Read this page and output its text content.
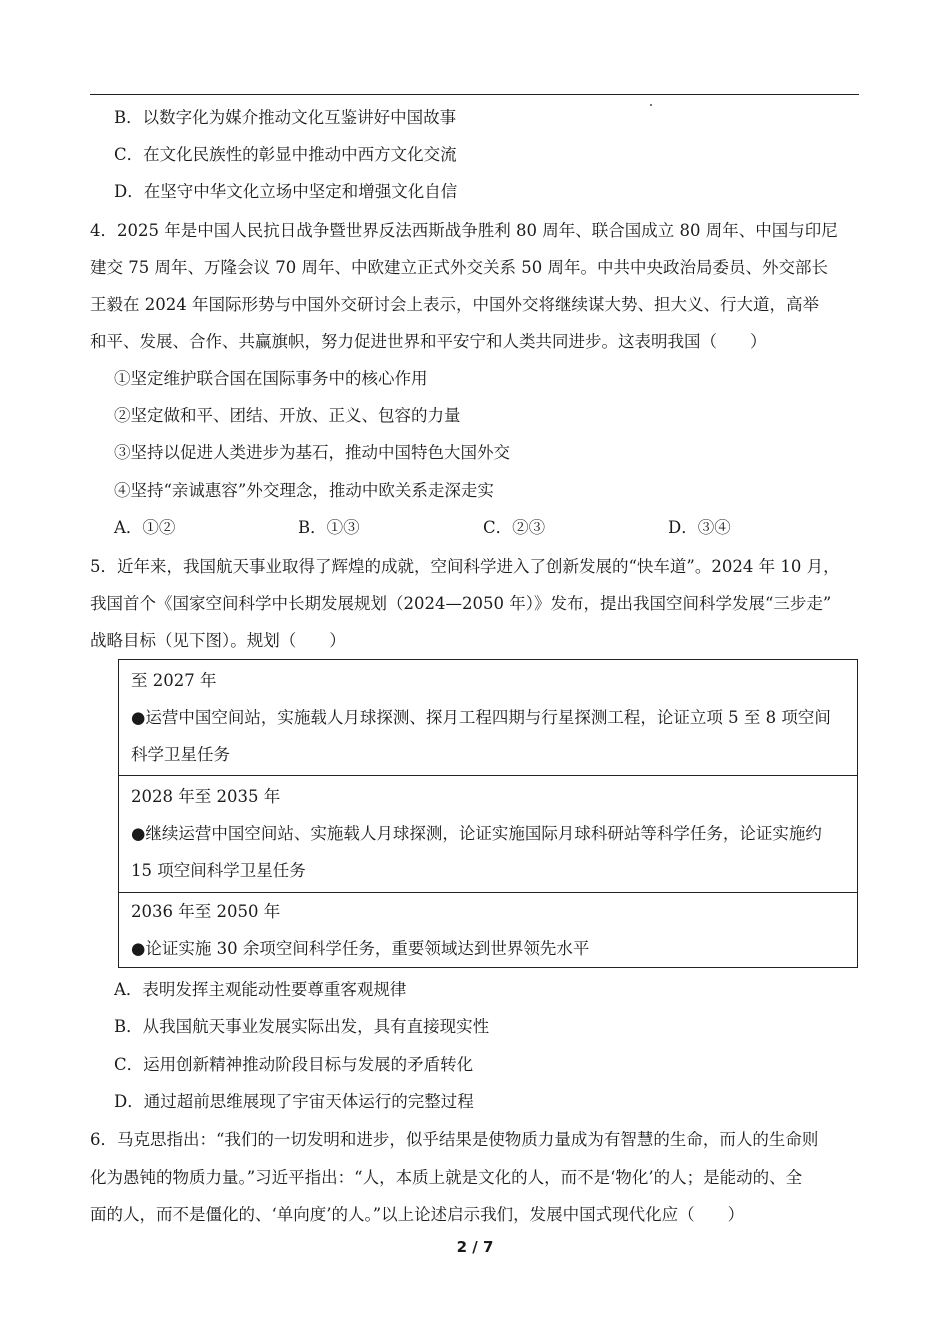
B．以数字化为媒介推动文化互鉴讲好中国故事
C．在文化民族性的彰显中推动中西方文化交流
D．在坚守中华文化立场中坚定和增强文化自信
4．2025 年是中国人民抗日战争暨世界反法西斯战争胜利 80 周年、联合国成立 80 周年、中国与印尼
建交 75 周年、万隆会议 70 周年、中欧建立正式外交关系 50 周年。中共中央政治局委员、外交部长
王毅在 2024 年国际形势与中国外交研讨会上表示，中国外交将继续谋大势、担大义、行大道，高举
和平、发展、合作、共赢旗帜，努力促进世界和平安宁和人类共同进步。这表明我国（　　）
①坚定维护联合国在国际事务中的核心作用
②坚定做和平、团结、开放、正义、包容的力量
③坚持以促进人类进步为基石，推动中国特色大国外交
④坚持“亲诚惠容”外交理念，推动中欧关系走深走实
A．①②	B．①③	C．②③	D．③④
5．近年来，我国航天事业取得了辉煌的成就，空间科学进入了创新发展的“快车道”。2024 年 10 月，
我国首个《国家空间科学中长期发展规划（2024—2050 年）》发布，提出我国空间科学发展“三步走”
战略目标（见下图）。规划（　　）
至 2027 年
●运营中国空间站，实施载人月球探测、探月工程四期与行星探测工程，论证立项 5 至 8 项空间
科学卫星任务
2028 年至 2035 年
●继续运营中国空间站、实施载人月球探测，论证实施国际月球科研站等科学任务，论证实施约
15 项空间科学卫星任务
2036 年至 2050 年
●论证实施 30 余项空间科学任务，重要领域达到世界领先水平
A．表明发挥主观能动性要尊重客观规律
B．从我国航天事业发展实际出发，具有直接现实性
C．运用创新精神推动阶段目标与发展的矛盾转化
D．通过超前思维展现了宇宙天体运行的完整过程
6．马克思指出：“我们的一切发明和进步，似乎结果是使物质力量成为有智慧的生命，而人的生命则
化为愚钝的物质力量。”习近平指出：“人，本质上就是文化的人，而不是‘物化’的人；是能动的、全
面的人，而不是僵化的、‘单向度’的人。”以上论述启示我们，发展中国式现代化应（　　）
2 / 7
